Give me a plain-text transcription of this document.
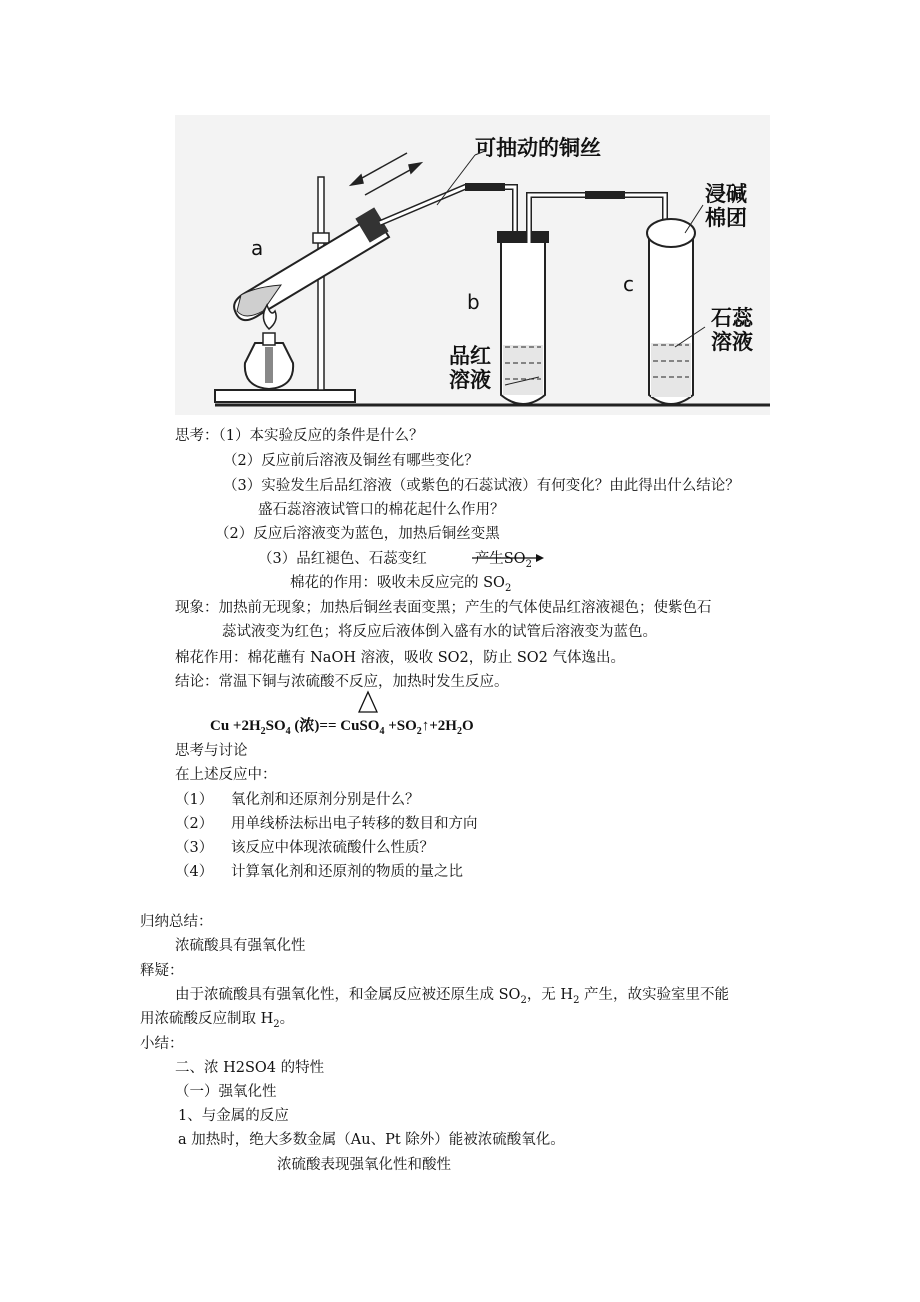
可抽动的铜丝
浸碱
棉团
a
b
c
品红
溶液
石蕊
溶液
思考：（1）本实验反应的条件是什么？
（2）反应前后溶液及铜丝有哪些变化？
（3）实验发生后品红溶液（或紫色的石蕊试液）有何变化？由此得出什么结论？
盛石蕊溶液试管口的棉花起什么作用？
（2）反应后溶液变为蓝色，加热后铜丝变黑
（3）品红褪色、石蕊变红	产生$SO_2$
棉花的作用：吸收未反应完的 $SO_2$
现象：加热前无现象；加热后铜丝表面变黑；产生的气体使品红溶液褪色；使紫色石
蕊试液变为红色；将反应后液体倒入盛有水的试管后溶液变为蓝色。
棉花作用：棉花蘸有 NaOH 溶液，吸收 SO2，防止 SO2 气体逸出。
结论：常温下铜与浓硫酸不反应，加热时发生反应。
$Cu +2H_2SO_4$ (浓)== CuSO$_4$ $+SO_2↑+2H_2O$
思考与讨论
在上述反应中：
（1） 氧化剂和还原剂分别是什么？
（2） 用单线桥法标出电子转移的数目和方向
（3） 该反应中体现浓硫酸什么性质？
（4） 计算氧化剂和还原剂的物质的量之比
归纳总结：
浓硫酸具有强氧化性
释疑：
由于浓硫酸具有强氧化性，和金属反应被还原生成 $SO_2$，无 $H_2$ 产生，故实验室里不能
用浓硫酸反应制取 $H_2$。
小结：
二、浓 H2SO4 的特性
（一）强氧化性
1、与金属的反应
a 加热时，绝大多数金属（Au、Pt 除外）能被浓硫酸氧化。
浓硫酸表现强氧化性和酸性
